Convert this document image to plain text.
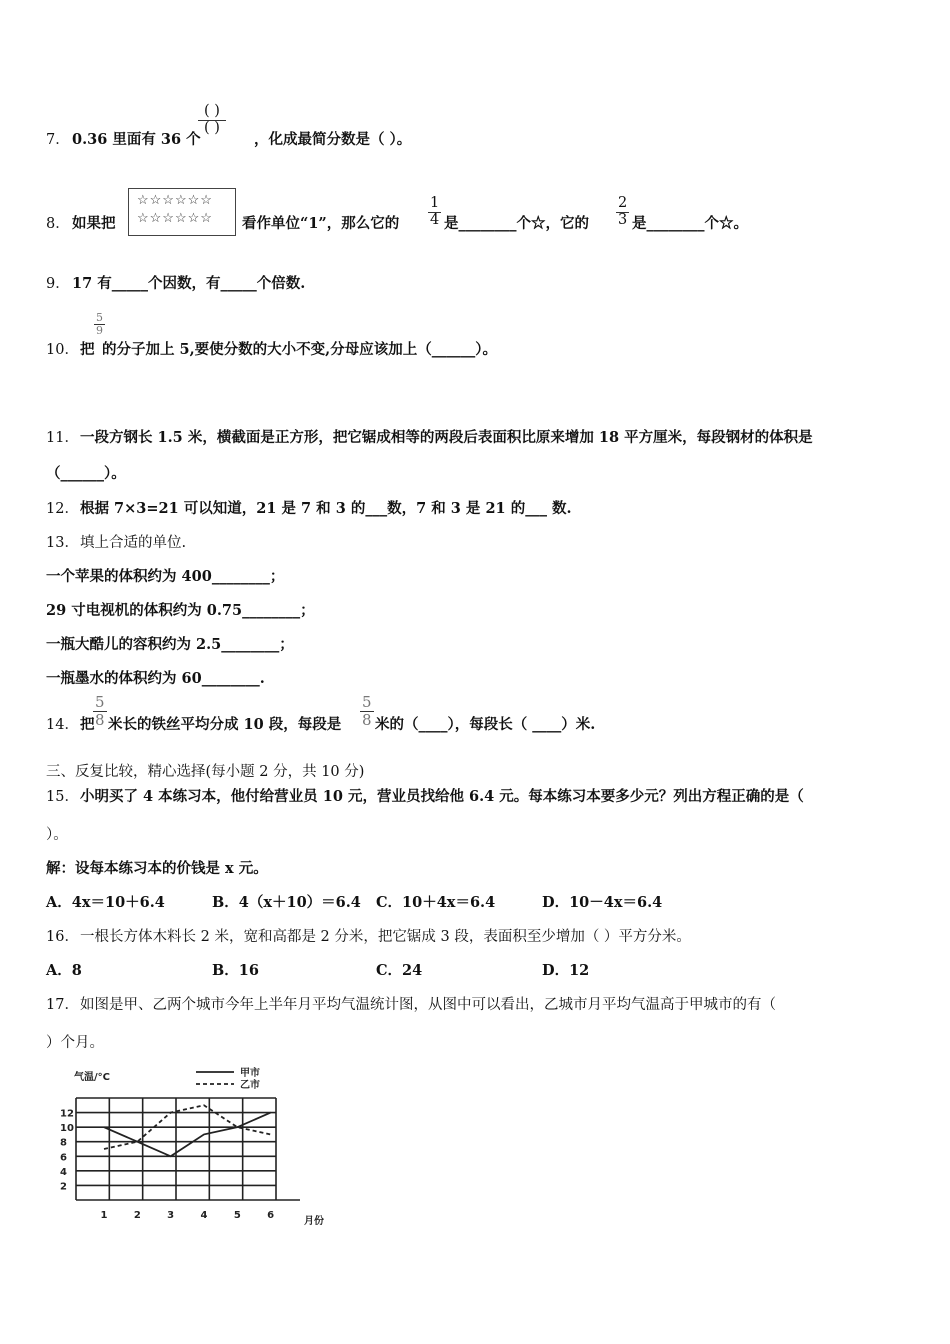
7． 0.36 里面有 36 个
( )
( )
，化成最简分数是（ ）。
8． 如果把
☆☆☆☆☆☆
☆☆☆☆☆☆	看作单位“1”，那么它的 $\frac{1}{4}$ 是________个☆，它的 $\frac{2}{3}$ 是________个☆。
9． 17 有_____个因数，有_____个倍数.
10． 把
$\frac{5}{9}$
的分子加上 5,要使分数的大小不变,分母应该加上（______）。
11． 一段方钢长 1.5 米，横截面是正方形，把它锯成相等的两段后表面积比原来增加 18 平方厘米，每段钢材的体积是
（______）。
12． 根据 7×3=21 可以知道，21 是 7 和 3 的___数，7 和 3 是 21 的___ 数.
13． 填上合适的单位.
一个苹果的体积约为 400________；
29 寸电视机的体积约为 0.75________；
一瓶大酷儿的容积约为 2.5________；
一瓶墨水的体积约为 60________.
14． 把
$\frac{5}{8}$ 米长的铁丝平均分成 10 段，每段是 $\frac{5}{8}$ 米的（____），每段长（ ____）米.
三、反复比较，精心选择(每小题 2 分，共 10 分)
15． 小明买了 4 本练习本，他付给营业员 10 元，营业员找给他 6.4 元。每本练习本要多少元？列出方程正确的是（
）。
解：设每本练习本的价钱是 x 元。
A．4x＝10＋6.4	B．4（x＋10）＝6.4 C．10＋4x＝6.4	D．10－4x＝6.4
16． 一根长方体木料长 2 米，宽和高都是 2 分米，把它锯成 3 段，表面积至少增加（ ）平方分米。
A．8	B．16	C．24	D．12
17． 如图是甲、乙两个城市今年上半年月平均气温统计图，从图中可以看出，乙城市月平均气温高于甲城市的有（
）个月。
2
4
6
8
10
12
1	2	3	4	5	6
甲市
乙市
气温/°C
月份
